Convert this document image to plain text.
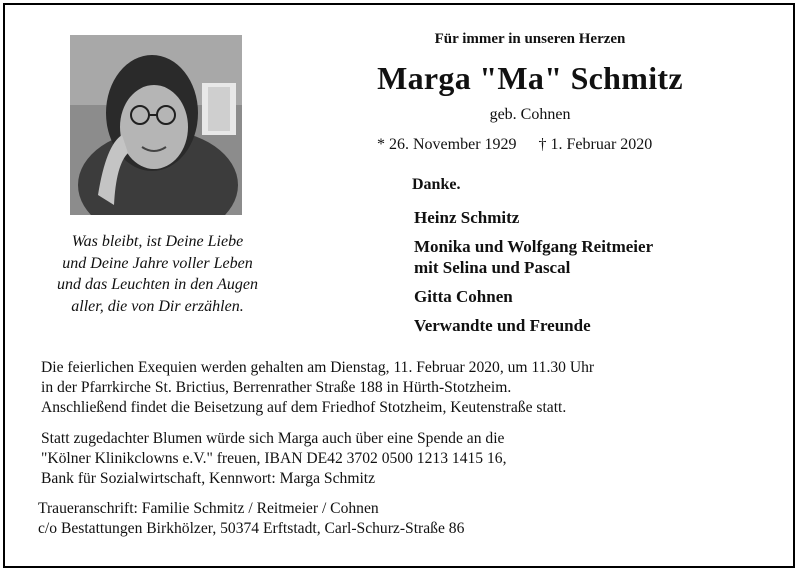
Was bleibt, ist Deine Liebe
und Deine Jahre voller Leben
und das Leuchten in den Augen
aller, die von Dir erzählen.
Für immer in unseren Herzen
Marga "Ma" Schmitz
geb. Cohnen
* 26. November 1929 † 1. Februar 2020
Danke.
Heinz Schmitz
Monika und Wolfgang Reitmeier
mit Selina und Pascal
Gitta Cohnen
Verwandte und Freunde
Die feierlichen Exequien werden gehalten am Dienstag, 11. Februar 2020, um 11.30 Uhr
in der Pfarrkirche St. Brictius, Berrenrather Straße 188 in Hürth-Stotzheim.
Anschließend findet die Beisetzung auf dem Friedhof Stotzheim, Keutenstraße statt.
Statt zugedachter Blumen würde sich Marga auch über eine Spende an die
"Kölner Klinikclowns e.V." freuen, IBAN DE42 3702 0500 1213 1415 16,
Bank für Sozialwirtschaft, Kennwort: Marga Schmitz
Traueranschrift: Familie Schmitz / Reitmeier / Cohnen
c/o Bestattungen Birkhölzer, 50374 Erftstadt, Carl-Schurz-Straße 86
